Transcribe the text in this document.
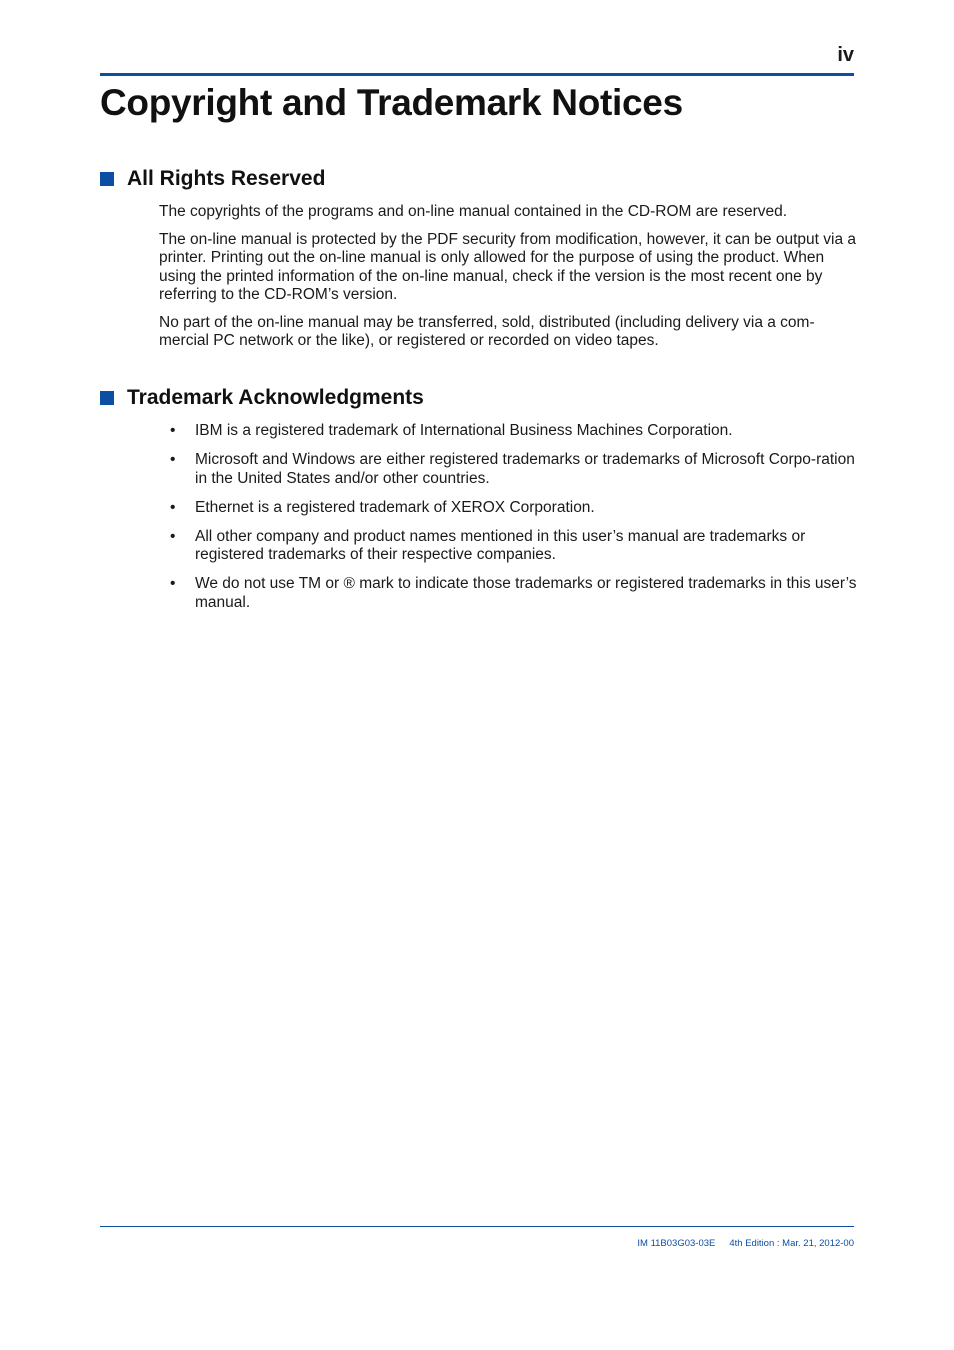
iv
Copyright and Trademark Notices
All Rights Reserved

The copyrights of the programs and on-line manual contained in the CD-ROM are reserved.

The on-line manual is protected by the PDF security from modification, however, it can be output via a printer. Printing out the on-line manual is only allowed for the purpose of using the product. When using the printed information of the on-line manual, check if the version is the most recent one by referring to the CD-ROM’s version.

No part of the on-line manual may be transferred, sold, distributed (including delivery via a com-mercial PC network or the like), or registered or recorded on video tapes.

Trademark Acknowledgments
•	IBM is a registered trademark of International Business Machines Corporation.
•	Microsoft and Windows are either registered trademarks or trademarks of Microsoft Corpo-ration in the United States and/or other countries.
•	Ethernet is a registered trademark of XEROX Corporation.
•	All other company and product names mentioned in this user’s manual are trademarks or registered trademarks of their respective companies.
•	We do not use TM or ® mark to indicate those trademarks or registered trademarks in this user’s manual.
IM 11B03G03-03E 4th Edition : Mar. 21, 2012-00
